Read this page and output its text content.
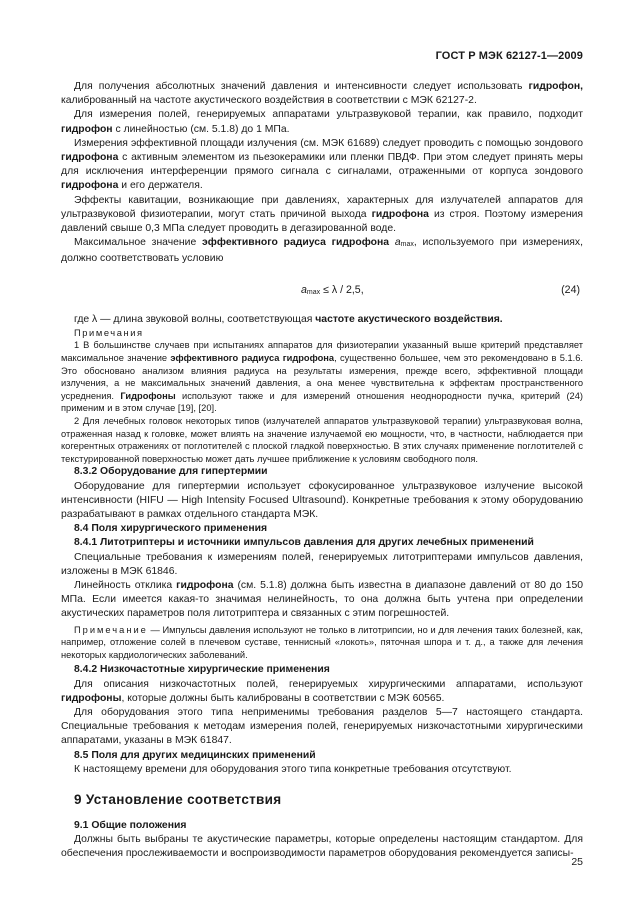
ГОСТ Р МЭК 62127-1—2009

Для получения абсолютных значений давления и интенсивности следует использовать гидрофон, калиброванный на частоте акустического воздействия в соответствии с МЭК 62127-2.

Для измерения полей, генерируемых аппаратами ультразвуковой терапии, как правило, подходит гидрофон с линейностью (см. 5.1.8) до 1 МПа.

Измерения эффективной площади излучения (см. МЭК 61689) следует проводить с помощью зондового гидрофона с активным элементом из пьезокерамики или пленки ПВДФ. При этом следует принять меры для исключения интерференции прямого сигнала с сигналами, отраженными от корпуса зондового гидрофона и его держателя.

Эффекты кавитации, возникающие при давлениях, характерных для излучателей аппаратов для ультразвуковой физиотерапии, могут стать причиной выхода гидрофона из строя. Поэтому измерения давлений свыше 0,3 МПа следует проводить в дегазированной воде.

Максимальное значение эффективного радиуса гидрофона amax, используемого при измерениях, должно соответствовать условию

amax ≤ λ / 2,5,	(24)

где λ — длина звуковой волны, соответствующая частоте акустического воздействия.

Примечания

1 В большинстве случаев при испытаниях аппаратов для физиотерапии указанный выше критерий представляет максимальное значение эффективного радиуса гидрофона, существенно большее, чем это рекомендовано в 5.1.6. Это обосновано анализом влияния радиуса на результаты измерения, прежде всего, эффективной площади излучения, а не максимальных значений давления, а она менее чувствительна к эффектам пространственного усреднения. Гидрофоны используют также и для измерений отношения неоднородности пучка, критерий (24) применим и в этом случае [19], [20].

2 Для лечебных головок некоторых типов (излучателей аппаратов ультразвуковой терапии) ультразвуковая волна, отраженная назад к головке, может влиять на значение излучаемой ею мощности, что, в частности, наблюдается при когерентных отражениях от поглотителей с плоской гладкой поверхностью. В этих случаях применение поглотителей с текстурированной поверхностью может дать лучшее приближение к условиям свободного поля.

8.3.2 Оборудование для гипертермии

Оборудование для гипертермии использует сфокусированное ультразвуковое излучение высокой интенсивности (HIFU — High Intensity Focused Ultrasound). Конкретные требования к этому оборудованию разрабатывают в рамках отдельного стандарта МЭК.

8.4 Поля хирургического применения
8.4.1 Литотриптеры и источники импульсов давления для других лечебных применений

Специальные требования к измерениям полей, генерируемых литотриптерами импульсов давления, изложены в МЭК 61846.

Линейность отклика гидрофона (см. 5.1.8) должна быть известна в диапазоне давлений от 80 до 150 МПа. Если имеется какая-то значимая нелинейность, то она должна быть учтена при определении акустических параметров поля литотриптера и связанных с этим погрешностей.

Примечание — Импульсы давления используют не только в литотрипсии, но и для лечения таких болезней, как, например, отложение солей в плечевом суставе, теннисный «локоть», пяточная шпора и т. д., а также для лечения некоторых кардиологических заболеваний.

8.4.2 Низкочастотные хирургические применения

Для описания низкочастотных полей, генерируемых хирургическими аппаратами, используют гидрофоны, которые должны быть калиброваны в соответствии с МЭК 60565.

Для оборудования этого типа неприменимы требования разделов 5—7 настоящего стандарта. Специальные требования к методам измерения полей, генерируемых низкочастотными хирургическими аппаратами, указаны в МЭК 61847.

8.5 Поля для других медицинских применений

К настоящему времени для оборудования этого типа конкретные требования отсутствуют.

9 Установление соответствия
9.1 Общие положения

Должны быть выбраны те акустические параметры, которые определены настоящим стандартом. Для обеспечения прослеживаемости и воспроизводимости параметров оборудования рекомендуется записы-

25
